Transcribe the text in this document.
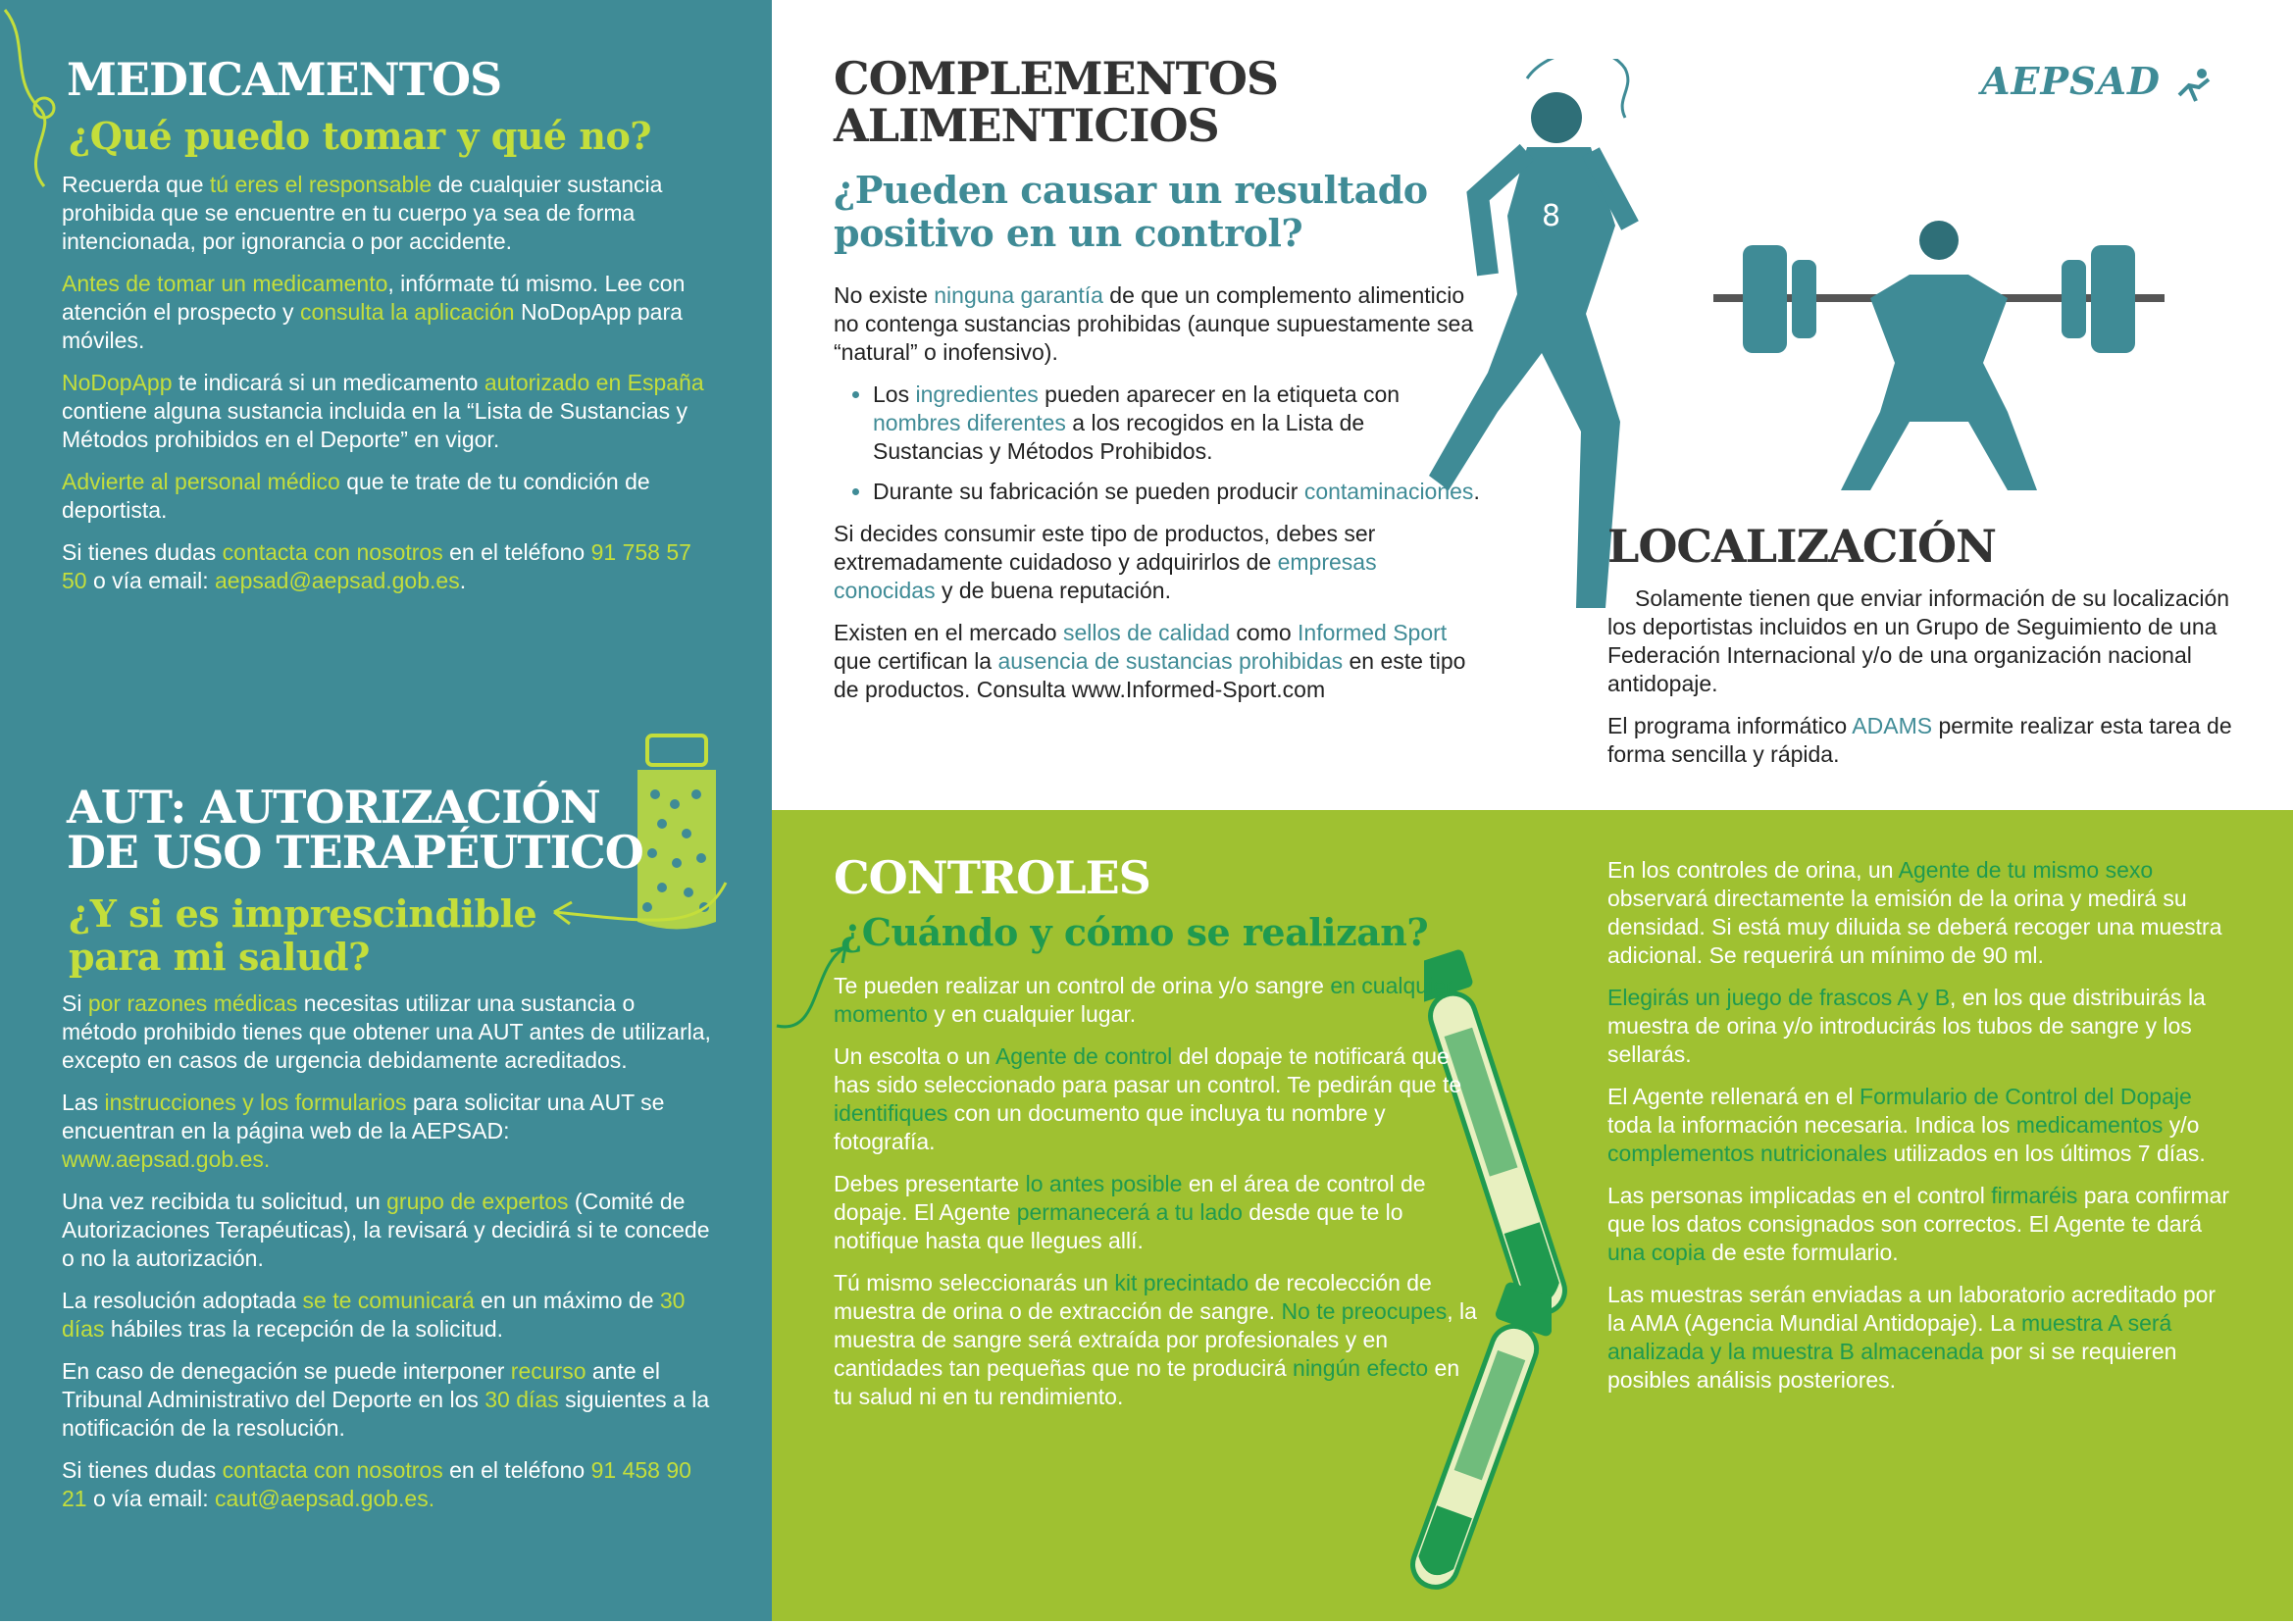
MEDICAMENTOS
¿Qué puedo tomar y qué no?

Recuerda que tú eres el responsable de cualquier sustancia prohibida que se encuentre en tu cuerpo ya sea de forma intencionada, por ignorancia o por accidente.

Antes de tomar un medicamento, infórmate tú mismo. Lee con atención el prospecto y consulta la aplicación NoDopApp para móviles.

NoDopApp te indicará si un medicamento autorizado en España contiene alguna sustancia incluida en la “Lista de Sustancias y Métodos prohibidos en el Deporte” en vigor.

Advierte al personal médico que te trate de tu condición de deportista.

Si tienes dudas contacta con nosotros en el teléfono 91 758 57 50 o vía email: aepsad@aepsad.gob.es.

AUT: AUTORIZACIÓN
DE USO TERAPÉUTICO
¿Y si es imprescindible
para mi salud?

Si por razones médicas necesitas utilizar una sustancia o método prohibido tienes que obtener una AUT antes de utilizarla, excepto en casos de urgencia debidamente acreditados.

Las instrucciones y los formularios para solicitar una AUT se encuentran en la página web de la AEPSAD: www.aepsad.gob.es.

Una vez recibida tu solicitud, un grupo de expertos (Comité de Autorizaciones Terapéuticas), la revisará y decidirá si te concede o no la autorización.

La resolución adoptada se te comunicará en un máximo de 30 días hábiles tras la recepción de la solicitud.

En caso de denegación se puede interponer recurso ante el Tribunal Administrativo del Deporte en los 30 días siguientes a la notificación de la resolución.

Si tienes dudas contacta con nosotros en el teléfono 91 458 90 21 o vía email: caut@aepsad.gob.es.

AEPSAD
COMPLEMENTOS
ALIMENTICIOS
¿Pueden causar un resultado
positivo en un control?	8

No existe ninguna garantía de que un complemento alimenticio no contenga sustancias prohibidas (aunque supuestamente sea “natural” o inofensivo).

• Los ingredientes pueden aparecer en la etiqueta con nombres diferentes a los recogidos en la Lista de Sustancias y Métodos Prohibidos.
• Durante su fabricación se pueden producir contaminaciones.

Si decides consumir este tipo de productos, debes ser extremadamente cuidadoso y adquirirlos de empresas conocidas y de buena reputación.

Existen en el mercado sellos de calidad como Informed Sport que certifican la ausencia de sustancias prohibidas en este tipo de productos. Consulta www.Informed-Sport.com

LOCALIZACIÓN

Solamente tienen que enviar información de su localización los deportistas incluidos en un Grupo de Seguimiento de una Federación Internacional y/o de una organización nacional antidopaje.

El programa informático ADAMS permite realizar esta tarea de forma sencilla y rápida.

CONTROLES
¿Cuándo y cómo se realizan?

Te pueden realizar un control de orina y/o sangre en cualquier momento y en cualquier lugar.

Un escolta o un Agente de control del dopaje te notificará que has sido seleccionado para pasar un control. Te pedirán que te identifiques con un documento que incluya tu nombre y fotografía.

Debes presentarte lo antes posible en el área de control de dopaje. El Agente permanecerá a tu lado desde que te lo notifique hasta que llegues allí.

Tú mismo seleccionarás un kit precintado de recolección de muestra de orina o de extracción de sangre. No te preocupes, la muestra de sangre será extraída por profesionales y en cantidades tan pequeñas que no te producirá ningún efecto en tu salud ni en tu rendimiento.

En los controles de orina, un Agente de tu mismo sexo observará directamente la emisión de la orina y medirá su densidad. Si está muy diluida se deberá recoger una muestra adicional. Se requerirá un mínimo de 90 ml.

Elegirás un juego de frascos A y B, en los que distribuirás la muestra de orina y/o introducirás los tubos de sangre y los sellarás.

El Agente rellenará en el Formulario de Control del Dopaje toda la información necesaria. Indica los medicamentos y/o complementos nutricionales utilizados en los últimos 7 días.

Las personas implicadas en el control firmaréis para confirmar que los datos consignados son correctos. El Agente te dará una copia de este formulario.

Las muestras serán enviadas a un laboratorio acreditado por la AMA (Agencia Mundial Antidopaje). La muestra A será analizada y la muestra B almacenada por si se requieren posibles análisis posteriores.
